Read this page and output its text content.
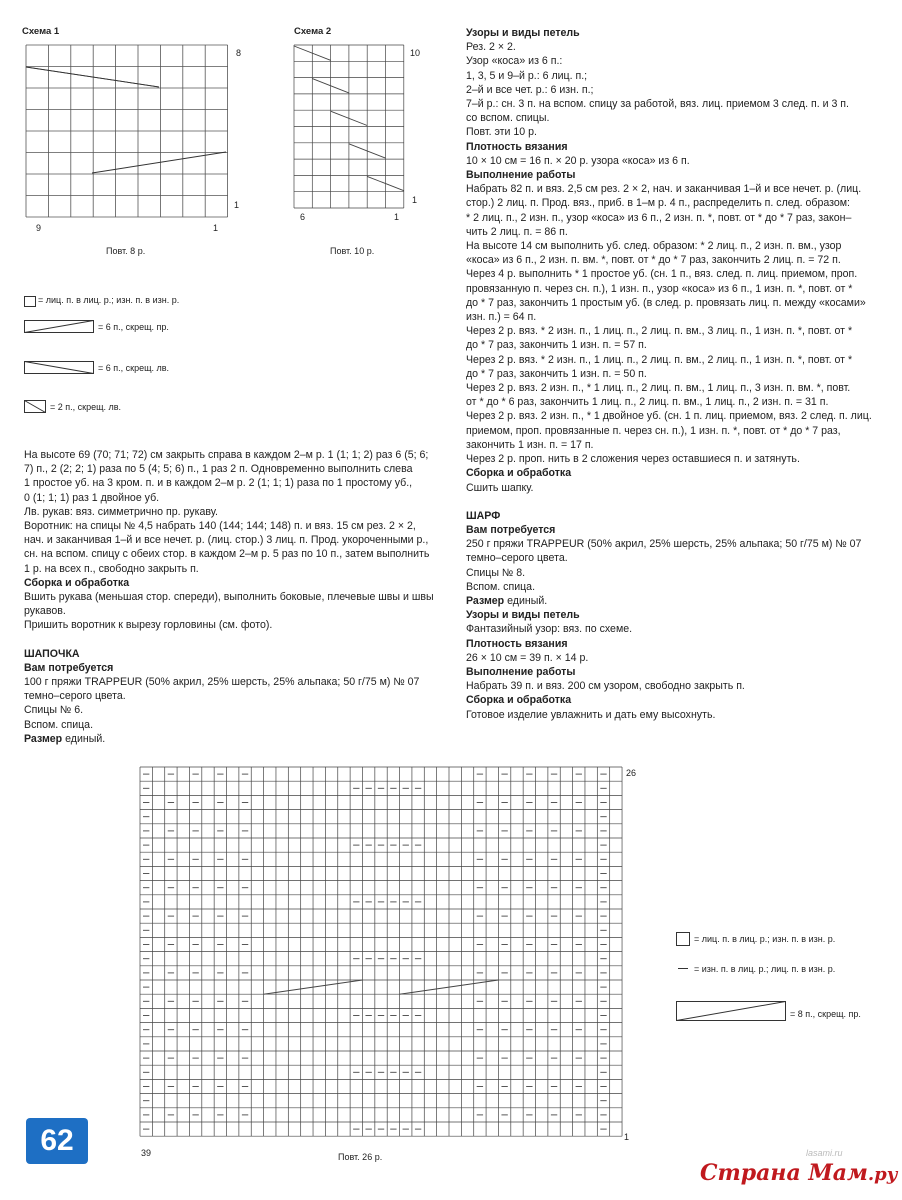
Схема 1
8
1
9	1
Повт. 8 р.
Схема 2
10
1
6	1
Повт. 10 р.
= лиц. п. в лиц. р.; изн. п. в изн. р.
= 6 п., скрещ. пр.
= 6 п., скрещ. лв.
= 2 п., скрещ. лв.
На высоте 69 (70; 71; 72) см закрыть справа в каждом 2–м р. 1 (1; 1; 2) раз 6 (5; 6;
7) п., 2 (2; 2; 1) раза по 5 (4; 5; 6) п., 1 раз 2 п. Одновременно выполнить слева
1 простое уб. на 3 кром. п. и в каждом 2–м р. 2 (1; 1; 1) раза по 1 простому уб.,
0 (1; 1; 1) раз 1 двойное уб.
Лв. рукав: вяз. симметрично пр. рукаву.
Воротник: на спицы № 4,5 набрать 140 (144; 144; 148) п. и вяз. 15 см рез. 2 × 2,
нач. и заканчивая 1–й и все нечет. р. (лиц. стор.) 3 лиц. п. Прод. укороченными р.,
сн. на вспом. спицу с обеих стор. в каждом 2–м р. 5 раз по 10 п., затем выполнить
1 р. на всех п., свободно закрыть п.
Сборка и обработка
Вшить рукава (меньшая стор. спереди), выполнить боковые, плечевые швы и швы
рукавов.
Пришить воротник к вырезу горловины (см. фото).
ШАПОЧКА
Вам потребуется
100 г пряжи TRAPPEUR (50% акрил, 25% шерсть, 25% альпака; 50 г/75 м) № 07
темно–серого цвета.
Спицы № 6.
Вспом. спица.
Размер единый.
Узоры и виды петель
Рез. 2 × 2.
Узор «коса» из 6 п.:
1, 3, 5 и 9–й р.: 6 лиц. п.;
2–й и все чет. р.: 6 изн. п.;
7–й р.: сн. 3 п. на вспом. спицу за работой, вяз. лиц. приемом 3 след. п. и 3 п.
со вспом. спицы.
Повт. эти 10 р.
Плотность вязания
10 × 10 см = 16 п. × 20 р. узора «коса» из 6 п.
Выполнение работы
Набрать 82 п. и вяз. 2,5 см рез. 2 × 2, нач. и заканчивая 1–й и все нечет. р. (лиц.
стор.) 2 лиц. п. Прод. вяз., приб. в 1–м р. 4 п., распределить п. след. образом:
* 2 лиц. п., 2 изн. п., узор «коса» из 6 п., 2 изн. п. *, повт. от * до * 7 раз, закон–
чить 2 лиц. п. = 86 п.
На высоте 14 см выполнить уб. след. образом: * 2 лиц. п., 2 изн. п. вм., узор
«коса» из 6 п., 2 изн. п. вм. *, повт. от * до * 7 раз, закончить 2 лиц. п. = 72 п.
Через 4 р. выполнить * 1 простое уб. (сн. 1 п., вяз. след. п. лиц. приемом, проп.
провязанную п. через сн. п.), 1 изн. п., узор «коса» из 6 п., 1 изн. п. *, повт. от *
до * 7 раз, закончить 1 простым уб. (в след. р. провязать лиц. п. между «косами»
изн. п.) = 64 п.
Через 2 р. вяз. * 2 изн. п., 1 лиц. п., 2 лиц. п. вм., 3 лиц. п., 1 изн. п. *, повт. от *
до * 7 раз, закончить 1 изн. п. = 57 п.
Через 2 р. вяз. * 2 изн. п., 1 лиц. п., 2 лиц. п. вм., 2 лиц. п., 1 изн. п. *, повт. от *
до * 7 раз, закончить 1 изн. п. = 50 п.
Через 2 р. вяз. 2 изн. п., * 1 лиц. п., 2 лиц. п. вм., 1 лиц. п., 3 изн. п. вм. *, повт.
от * до * 6 раз, закончить 1 лиц. п., 2 лиц. п. вм., 1 лиц. п., 2 изн. п. = 31 п.
Через 2 р. вяз. 2 изн. п., * 1 двойное уб. (сн. 1 п. лиц. приемом, вяз. 2 след. п. лиц.
приемом, проп. провязанные п. через сн. п.), 1 изн. п. *, повт. от * до * 7 раз,
закончить 1 изн. п. = 17 п.
Через 2 р. проп. нить в 2 сложения через оставшиеся п. и затянуть.
Сборка и обработка
Сшить шапку.
ШАРФ
Вам потребуется
250 г пряжи TRAPPEUR (50% акрил, 25% шерсть, 25% альпака; 50 г/75 м) № 07
темно–серого цвета.
Спицы № 8.
Вспом. спица.
Размер единый.
Узоры и виды петель
Фантазийный узор: вяз. по схеме.
Плотность вязания
26 × 10 см = 39 п. × 14 р.
Выполнение работы
Набрать 39 п. и вяз. 200 см узором, свободно закрыть п.
Сборка и обработка
Готовое изделие увлажнить и дать ему высохнуть.
26
1
39	Повт. 26 р.
= лиц. п. в лиц. р.; изн. п. в изн. р.
= изн. п. в лиц. р.; лиц. п. в изн. р.
= 8 п., скрещ. пр.
62	lasami.ru
Страна Мам.ру
